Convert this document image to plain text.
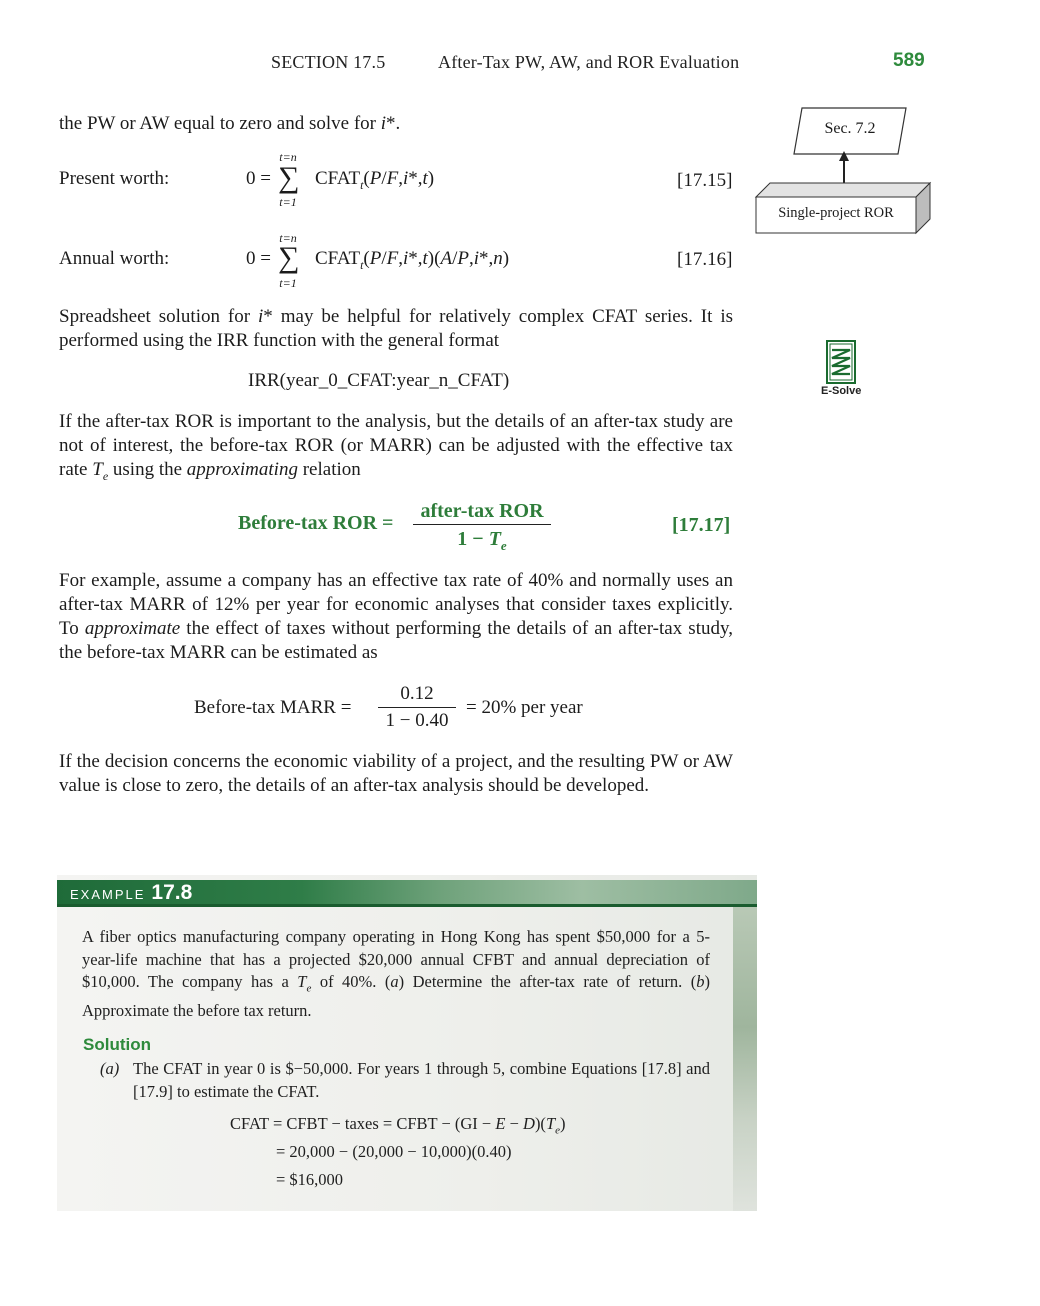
SECTION 17.5	After-Tax PW, AW, and ROR Evaluation	589
the PW or AW equal to zero and solve for i*.
Present worth:	0 =
t=n
∑
t=1
$CFAT_t(P/F,i*,t)$	[17.15]
Annual worth:	0 =
t=n
∑
t=1
$CFAT_t(P/F,i*,t)(A/P,i*,n)$	[17.16]
Spreadsheet solution for i* may be helpful for relatively complex CFAT series. It is performed using the IRR function with the general format
IRR(year_0_CFAT:year_n_CFAT)
If the after-tax ROR is important to the analysis, but the details of an after-tax study are not of interest, the before-tax ROR (or MARR) can be adjusted with the effective tax rate $T_e$ using the approximating relation
Before-tax ROR =
after-tax ROR
$1 - T_e$
[17.17]
For example, assume a company has an effective tax rate of 40% and normally uses an after-tax MARR of 12% per year for economic analyses that consider taxes explicitly. To approximate the effect of taxes without performing the details of an after-tax study, the before-tax MARR can be estimated as
Before-tax MARR =
0.12
1 − 0.40
= 20% per year
If the decision concerns the economic viability of a project, and the resulting PW or AW value is close to zero, the details of an after-tax analysis should be developed.
Sec. 7.2
Single-project ROR
E-Solve
EXAMPLE 17.8
A fiber optics manufacturing company operating in Hong Kong has spent $50,000 for a 5-year-life machine that has a projected $20,000 annual CFBT and annual depreciation of $10,000. The company has a $T_e$ of 40%. (a) Determine the after-tax rate of return. (b) Approximate the before tax return.
Solution
(a) The CFAT in year 0 is $−50,000. For years 1 through 5, combine Equations [17.8] and [17.9] to estimate the CFAT.
CFAT = CFBT − taxes = CFBT − $(GI - E - D)(T_e)$
= 20,000 − (20,000 − 10,000)(0.40)
= $16,000
